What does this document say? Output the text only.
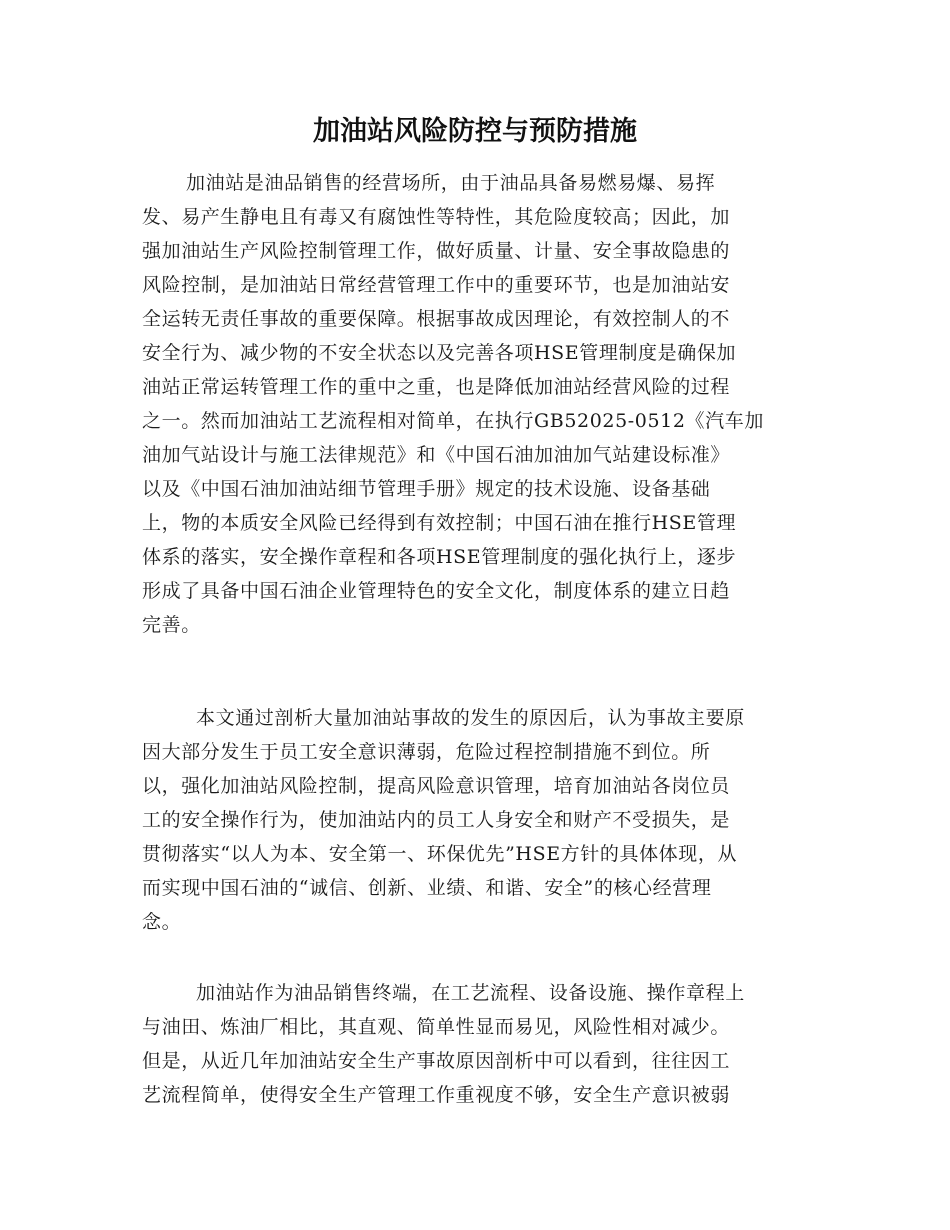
加油站风险防控与预防措施
加油站是油品销售的经营场所，由于油品具备易燃易爆、易挥
发、易产生静电且有毒又有腐蚀性等特性，其危险度较高；因此，加
强加油站生产风险控制管理工作，做好质量、计量、安全事故隐患的
风险控制，是加油站日常经营管理工作中的重要环节，也是加油站安
全运转无责任事故的重要保障。根据事故成因理论，有效控制人的不
安全行为、减少物的不安全状态以及完善各项HSE管理制度是确保加
油站正常运转管理工作的重中之重，也是降低加油站经营风险的过程
之一。然而加油站工艺流程相对简单，在执行GB52025-0512《汽车加
油加气站设计与施工法律规范》和《中国石油加油加气站建设标准》
以及《中国石油加油站细节管理手册》规定的技术设施、设备基础
上，物的本质安全风险已经得到有效控制；中国石油在推行HSE管理
体系的落实，安全操作章程和各项HSE管理制度的强化执行上，逐步
形成了具备中国石油企业管理特色的安全文化，制度体系的建立日趋
完善。
本文通过剖析大量加油站事故的发生的原因后，认为事故主要原
因大部分发生于员工安全意识薄弱，危险过程控制措施不到位。所
以，强化加油站风险控制，提高风险意识管理，培育加油站各岗位员
工的安全操作行为，使加油站内的员工人身安全和财产不受损失，是
贯彻落实“以人为本、安全第一、环保优先”HSE方针的具体体现，从
而实现中国石油的“诚信、创新、业绩、和谐、安全”的核心经营理
念。
加油站作为油品销售终端，在工艺流程、设备设施、操作章程上
与油田、炼油厂相比，其直观、简单性显而易见，风险性相对减少。
但是，从近几年加油站安全生产事故原因剖析中可以看到，往往因工
艺流程简单，使得安全生产管理工作重视度不够，安全生产意识被弱
